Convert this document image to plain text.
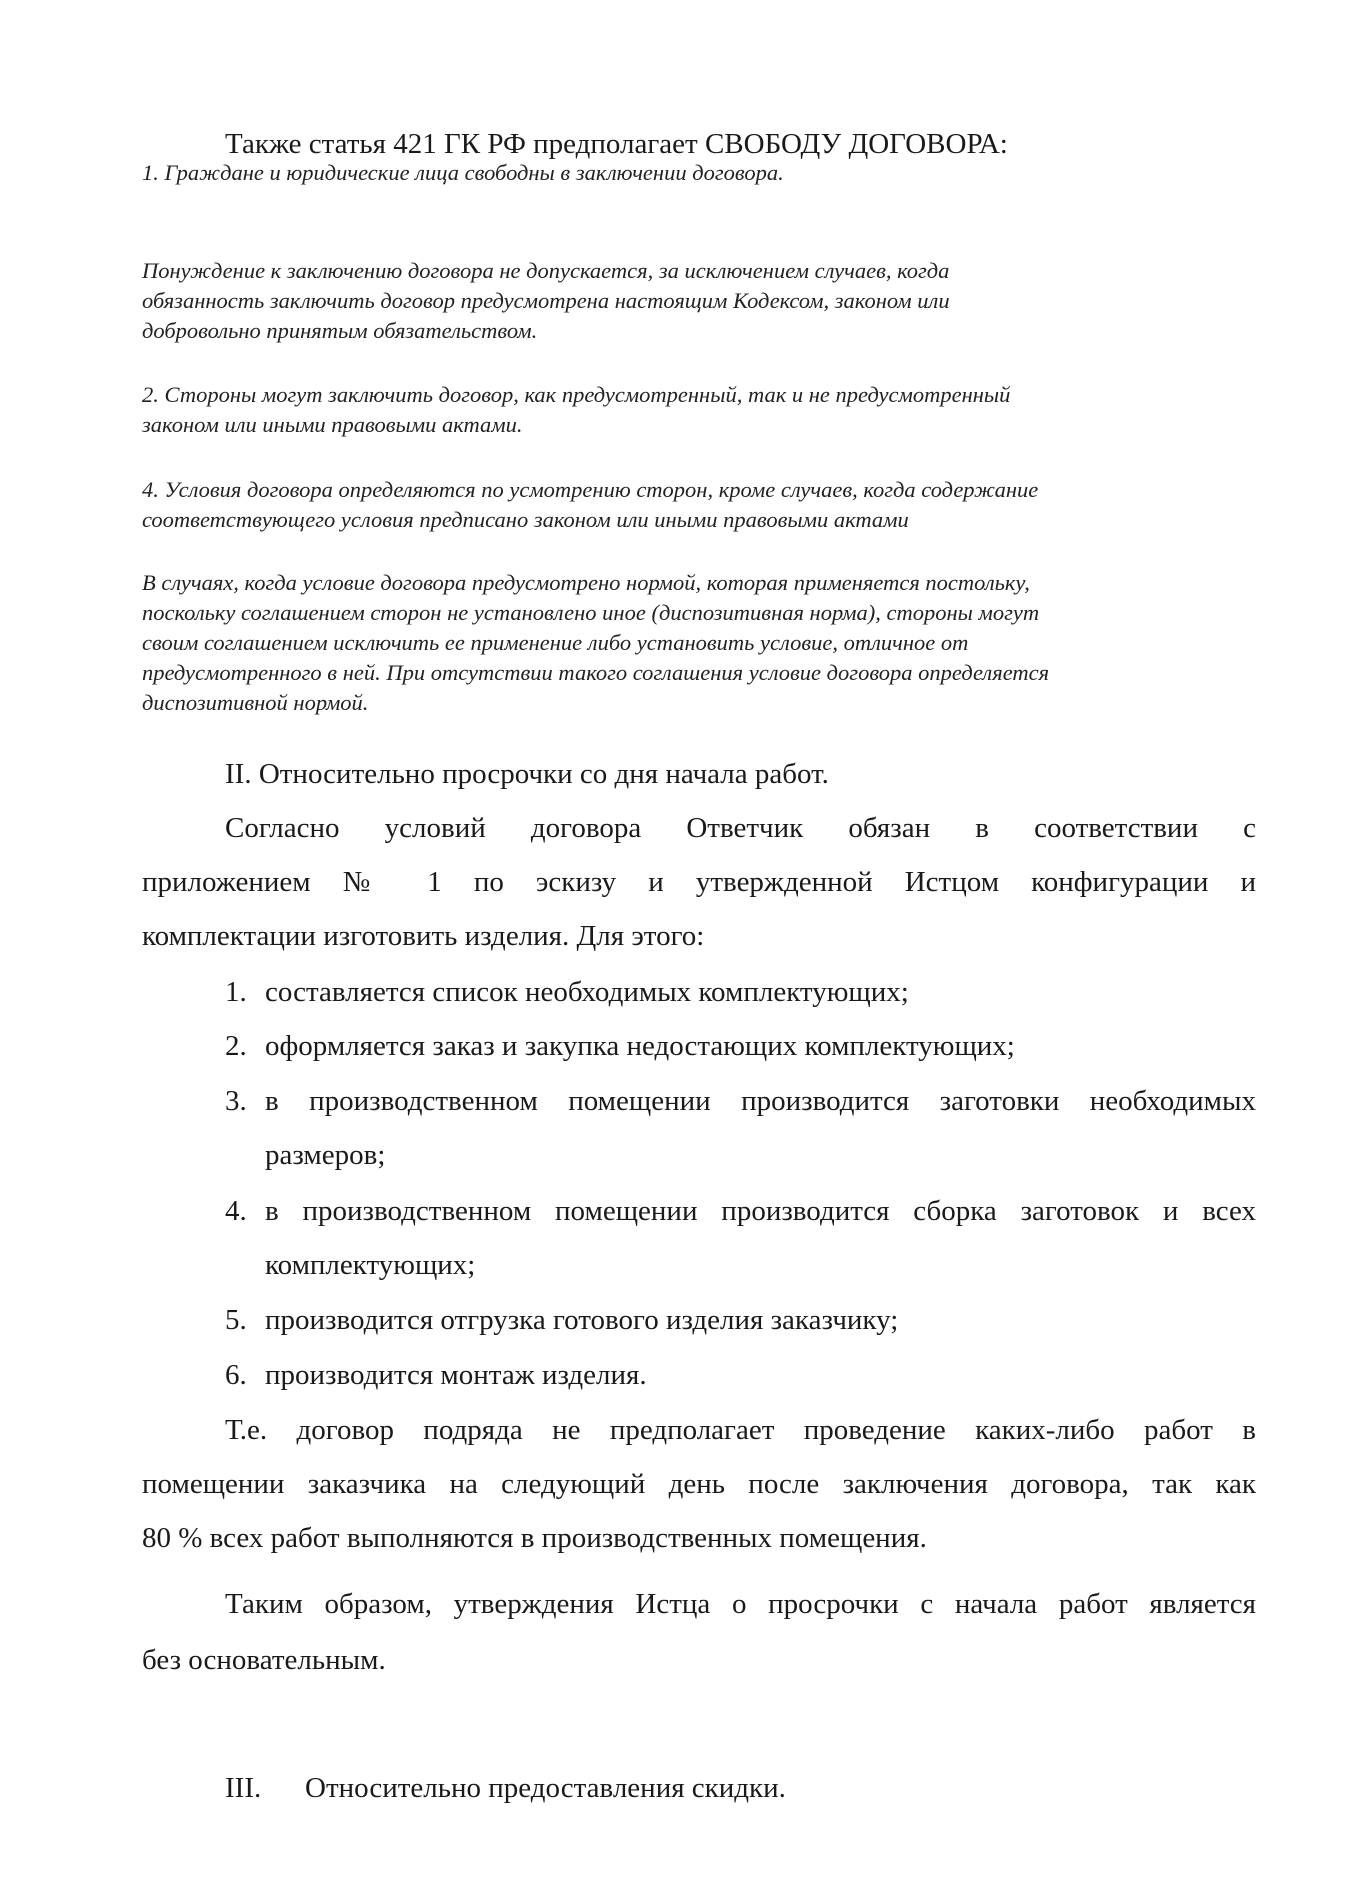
Также статья 421 ГК РФ предполагает СВОБОДУ ДОГОВОРА:
1. Граждане и юридические лица свободны в заключении договора.
Понуждение к заключению договора не допускается, за исключением случаев, когда
обязанность заключить договор предусмотрена настоящим Кодексом, законом или
добровольно принятым обязательством.
2. Стороны могут заключить договор, как предусмотренный, так и не предусмотренный
законом или иными правовыми актами.
4. Условия договора определяются по усмотрению сторон, кроме случаев, когда содержание
соответствующего условия предписано законом или иными правовыми актами
В случаях, когда условие договора предусмотрено нормой, которая применяется постольку,
поскольку соглашением сторон не установлено иное (диспозитивная норма), стороны могут
своим соглашением исключить ее применение либо установить условие, отличное от
предусмотренного в ней. При отсутствии такого соглашения условие договора определяется
диспозитивной нормой.
II. Относительно просрочки со дня начала работ.
Согласно условий договора Ответчик обязан в соответствии с
приложением № 1 по эскизу и утвержденной Истцом конфигурации и
комплектации изготовить изделия. Для этого:
1. составляется список необходимых комплектующих;
2. оформляется заказ и закупка недостающих комплектующих;
3. в производственном помещении производится заготовки необходимых
размеров;
4. в производственном помещении производится сборка заготовок и всех
комплектующих;
5. производится отгрузка готового изделия заказчику;
6. производится монтаж изделия.
Т.е. договор подряда не предполагает проведение каких-либо работ в
помещении заказчика на следующий день после заключения договора, так как
80 % всех работ выполняются в производственных помещения.
Таким образом, утверждения Истца о просрочки с начала работ является
без основательным.
III. Относительно предоставления скидки.
